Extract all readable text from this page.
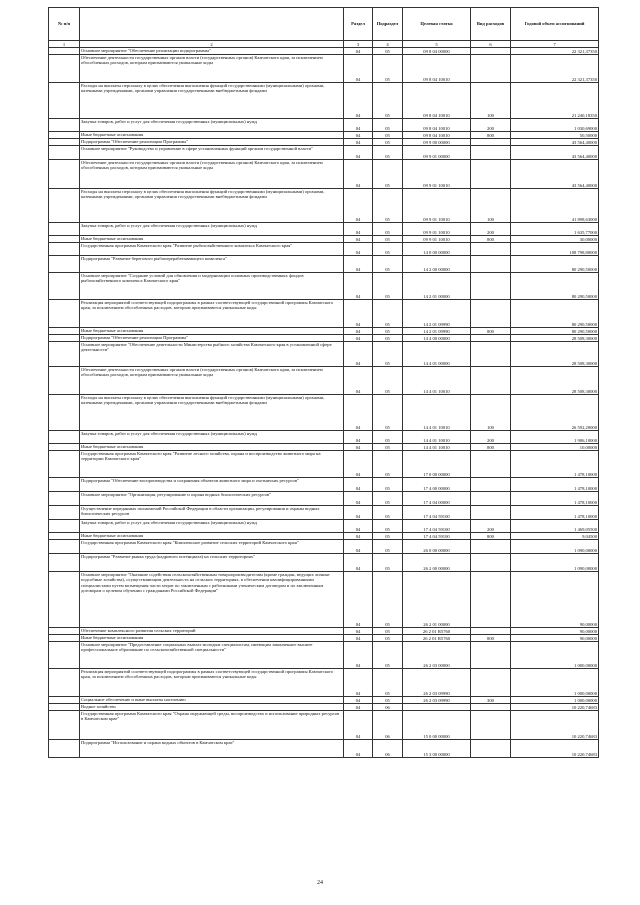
№ п/п		Раздел	Подраздел	Целевая статья	Вид расходов	Годовой объем ассигнований
1	2	3	4	5	6	7
	Основное мероприятие "Обеспечение реализации подпрограммы"	04	05	09 8 04 00000		22 321,37350
	Обеспечение деятельности государственных органов власти (государственных органов) Камчатского края, за исключением обособленных расходов, которым присваиваются уникальные коды	04	05	09 8 04 10010		22 321,37350
	Расходы на выплаты персоналу в целях обеспечения выполнения функций государственными (муниципальными) органами, казенными учреждениями, органами управления государственными внебюджетными фондами	04	05	09 8 04 10010	100	21 240,18350
	Закупка товаров, работ и услуг для обеспечения государственных (муниципальных) нужд	04	05	09 8 04 10010	200	1 030,69000
	Иные бюджетные ассигнования	04	05	09 8 04 10010	800	50,50000
	Подпрограмма "Обеспечение реализации Программы"	04	05	09 9 00 00000		43 564,40000
	Основное мероприятие "Руководство и управление в сфере установленных функций органов государственной власти"	04	05	09 9 01 00000		43 564,40000
	Обеспечение деятельности государственных органов власти (государственных органов) Камчатского края, за исключением обособленных расходов, которым присваиваются уникальные коды	04	05	09 9 01 10010		43 564,40000
	Расходы на выплаты персоналу в целях обеспечения выполнения функций государственными (муниципальными) органами, казенными учреждениями, органами управления государственными внебюджетными фондами	04	05	09 9 01 10010	100	41 898,63000
	Закупка товаров, работ и услуг для обеспечения государственных (муниципальных) нужд	04	05	09 9 01 10010	200	1 635,77000
	Иные бюджетные ассигнования	04	05	09 9 01 10010	800	30,00000
	Государственная программа Камчатского края "Развитие рыбохозяйственного комплекса Камчатского края"	04	05	14 0 00 00000		108 798,80000
	Подпрограмма "Развитие берегового рыбоперерабатывающего комплекса"	04	05	14 2 00 00000		80 290,50000
	Основное мероприятие "Создание условий для обновления и модернизации основных производственных фондов рыбохозяйственного комплекса Камчатского края"	04	05	14 2 01 00000		80 290,50000
	Реализация мероприятий соответствующей подпрограммы в рамках соответствующей государственной программы Камчатского края, за исключением обособленных расходов, которым присваиваются уникальные коды	04	05	14 2 01 09990		80 290,50000
	Иные бюджетные ассигнования	04	05	14 2 01 09990	800	80 290,50000
	Подпрограмма "Обеспечение реализации Программы"	04	05	14 4 00 00000		28 508,30000
	Основное мероприятие "Обеспечение деятельности Министерства рыбного хозяйства Камчатского края в установленной сфере деятельности"	04	05	14 4 01 00000		28 508,30000
	Обеспечение деятельности государственных органов власти (государственных органов) Камчатского края, за исключением обособленных расходов, которым присваиваются уникальные коды	04	05	14 4 01 10010		28 508,30000
	Расходы на выплаты персоналу в целях обеспечения выполнения функций государственными (муниципальными) органами, казенными учреждениями, органами управления государственными внебюджетными фондами	04	05	14 4 01 10010	100	26 592,20000
	Закупка товаров, работ и услуг для обеспечения государственных (муниципальных) нужд	04	05	14 4 01 10010	200	1 906,10000
	Иные бюджетные ассигнования	04	05	14 4 01 10010	800	10,00000
	Государственная программа Камчатского края "Развитие лесного хозяйства, охрана и воспроизводство животного мира на территории Камчатского края"	04	05	17 0 00 00000		1 478,10000
	Подпрограмма "Обеспечение воспроизводства и сохранения объектов животного мира и охотничьих ресурсов"	04	05	17 4 00 00000		1 478,10000
	Основное мероприятие "Организация, регулирование и охрана водных биологических ресурсов"	04	05	17 4 04 00000		1 478,10000
	Осуществление переданных полномочий Российской Федерации в области организации, регулирования и охраны водных биологических ресурсов	04	05	17 4 04 59100		1 478,10000
	Закупка товаров, работ и услуг для обеспечения государственных (муниципальных) нужд	04	05	17 4 04 59100	200	1 469,05500
	Иные бюджетные ассигнования	04	05	17 4 04 59100	800	9,04500
	Государственная программа Камчатского края "Комплексное развитие сельских территорий Камчатского края"	04	05	26 0 00 00000		1 090,00000
	Подпрограмма "Развитие рынка труда (кадрового потенциала) на сельских территориях"	04	05	26 2 00 00000		1 090,00000
	Основное мероприятие "Оказание содействия сельскохозяйственным товаропроизводителям (кроме граждан, ведущих личные подсобные хозяйства), осуществляющим деятельность на сельских территориях, в обеспечении квалифицированными специалистами путем возмещения части затрат по заключенным с работниками ученическим договорам и по заключенным договорам о целевом обучении с гражданами Российской Федерации"	04	05	26 2 01 00000		90,00000
	Обеспечение комплексного развития сельских территорий	04	05	26 2 01 R5760		90,00000
	Иные бюджетные ассигнования	04	05	26 2 01 R5760	800	90,00000
	Основное мероприятие "Предоставление социальных выплат молодым специалистам, имеющим законченное высшее профессиональное образование по сельскохозяйственной специальности"	04	05	26 2 03 00000		1 000,00000
	Реализация мероприятий соответствующей подпрограммы в рамках соответствующей государственной программы Камчатского края, за исключением обособленных расходов, которым присваиваются уникальные коды	04	05	26 2 03 09990		1 000,00000
	Социальное обеспечение и иные выплаты населению	04	05	26 2 03 09990	300	1 000,00000
	Водное хозяйство	04	06			10 220,74683
	Государственная программа Камчатского края "Охрана окружающей среды, воспроизводство и использование природных ресурсов в Камчатском крае"	04	06	15 0 00 00000		10 220,74683
	Подпрограмма "Использование и охрана водных объектов в Камчатском крае"	04	06	15 3 00 00000		10 220,74683
24
